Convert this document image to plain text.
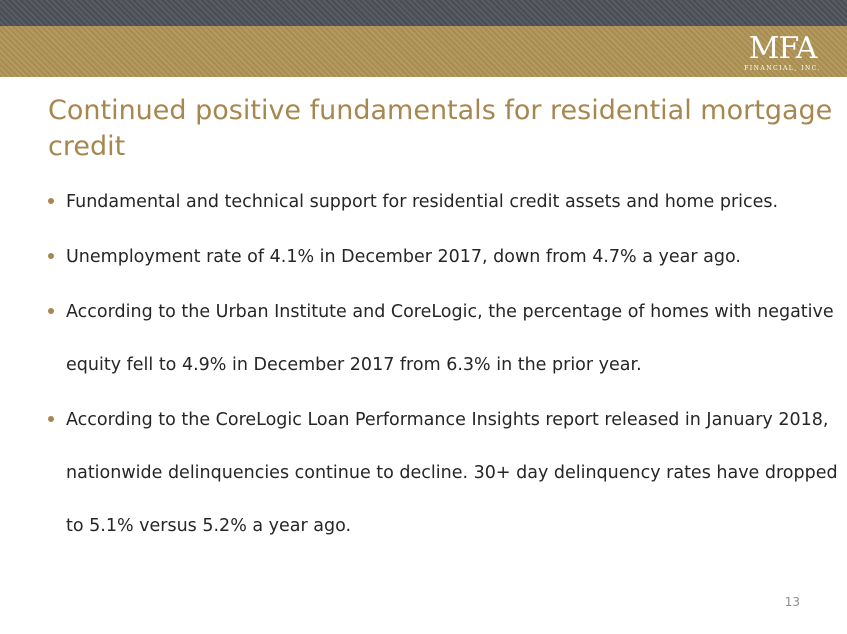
MFA
FINANCIAL, INC.
Continued positive fundamentals for residential mortgage credit
Fundamental and technical support for residential credit assets and home prices.
Unemployment rate of 4.1% in December 2017, down from 4.7% a year ago.
According to the Urban Institute and CoreLogic, the percentage of homes with negative equity fell to 4.9% in December 2017 from 6.3% in the prior year.
According to the CoreLogic Loan Performance Insights report released in January 2018, nationwide delinquencies continue to decline. 30+ day delinquency rates have dropped to 5.1% versus 5.2% a year ago.
13
